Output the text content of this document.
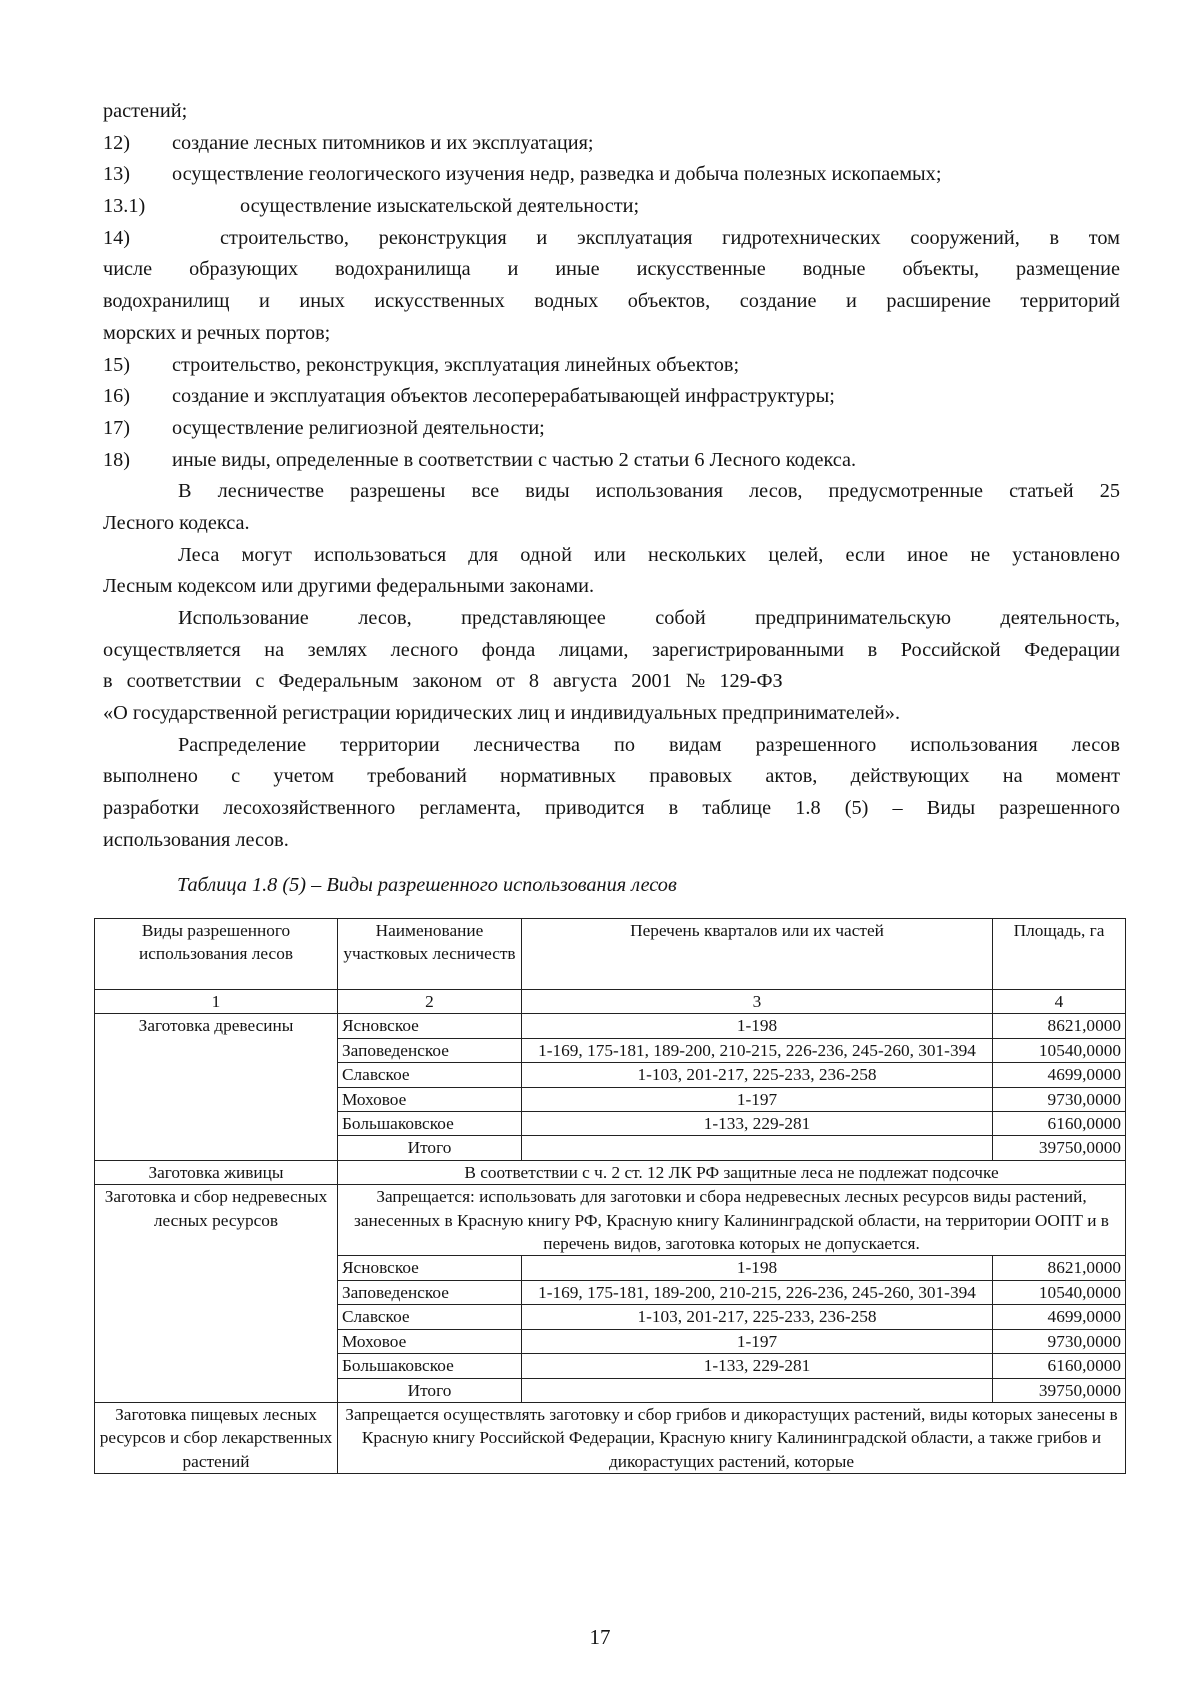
растений;
12) создание лесных питомников и их эксплуатация;
13) осуществление геологического изучения недр, разведка и добыча полезных ископаемых;
13.1)	осуществление изыскательской деятельности;
14)	строительство, реконструкция и эксплуатация гидротехнических сооружений, в том
числе образующих водохранилища и иные искусственные водные объекты, размещение
водохранилищ и иных искусственных водных объектов, создание и расширение территорий
морских и речных портов;
15) строительство, реконструкция, эксплуатация линейных объектов;
16) создание и эксплуатация объектов лесоперерабатывающей инфраструктуры;
17) осуществление религиозной деятельности;
18) иные виды, определенные в соответствии с частью 2 статьи 6 Лесного кодекса.
В лесничестве разрешены все виды использования лесов, предусмотренные статьей 25
Лесного кодекса.
Леса могут использоваться для одной или нескольких целей, если иное не установлено
Лесным кодексом или другими федеральными законами.
Использование лесов, представляющее собой предпринимательскую деятельность,
осуществляется на землях лесного фонда лицами, зарегистрированными в Российской Федерации
в соответствии с Федеральным законом от 8 августа 2001 № 129-ФЗ
«О государственной регистрации юридических лиц и индивидуальных предпринимателей».
Распределение территории лесничества по видам разрешенного использования лесов
выполнено с учетом требований нормативных правовых актов, действующих на момент
разработки лесохозяйственного регламента, приводится в таблице 1.8 (5) – Виды разрешенного
использования лесов.
Таблица 1.8 (5) – Виды разрешенного использования лесов
Виды разрешенного использования лесов	Наименование участковых лесничеств	Перечень кварталов или их частей	Площадь, га
1	2	3	4
Заготовка древесины	Ясновское	1-198	8621,0000
	Заповеденское	1-169, 175-181, 189-200, 210-215, 226-236, 245-260, 301-394	10540,0000
	Славское	1-103, 201-217, 225-233, 236-258	4699,0000
	Моховое	1-197	9730,0000
	Большаковское	1-133, 229-281	6160,0000
	Итого		39750,0000
Заготовка живицы	В соответствии с ч. 2 ст. 12 ЛК РФ защитные леса не подлежат подсочке		
Заготовка и сбор недревесных лесных ресурсов	Запрещается: использовать для заготовки и сбора недревесных лесных ресурсов виды растений, занесенных в Красную книгу РФ, Красную книгу Калининградской области, на территории ООПТ и в перечень видов, заготовка которых не допускается.		
	Ясновское	1-198	8621,0000
	Заповеденское	1-169, 175-181, 189-200, 210-215, 226-236, 245-260, 301-394	10540,0000
	Славское	1-103, 201-217, 225-233, 236-258	4699,0000
	Моховое	1-197	9730,0000
	Большаковское	1-133, 229-281	6160,0000
	Итого		39750,0000
Заготовка пищевых лесных ресурсов и сбор лекарственных растений	Запрещается осуществлять заготовку и сбор грибов и дикорастущих растений, виды которых занесены в Красную книгу Российской Федерации, Красную книгу Калининградской области, а также грибов и дикорастущих растений, которые		
17
